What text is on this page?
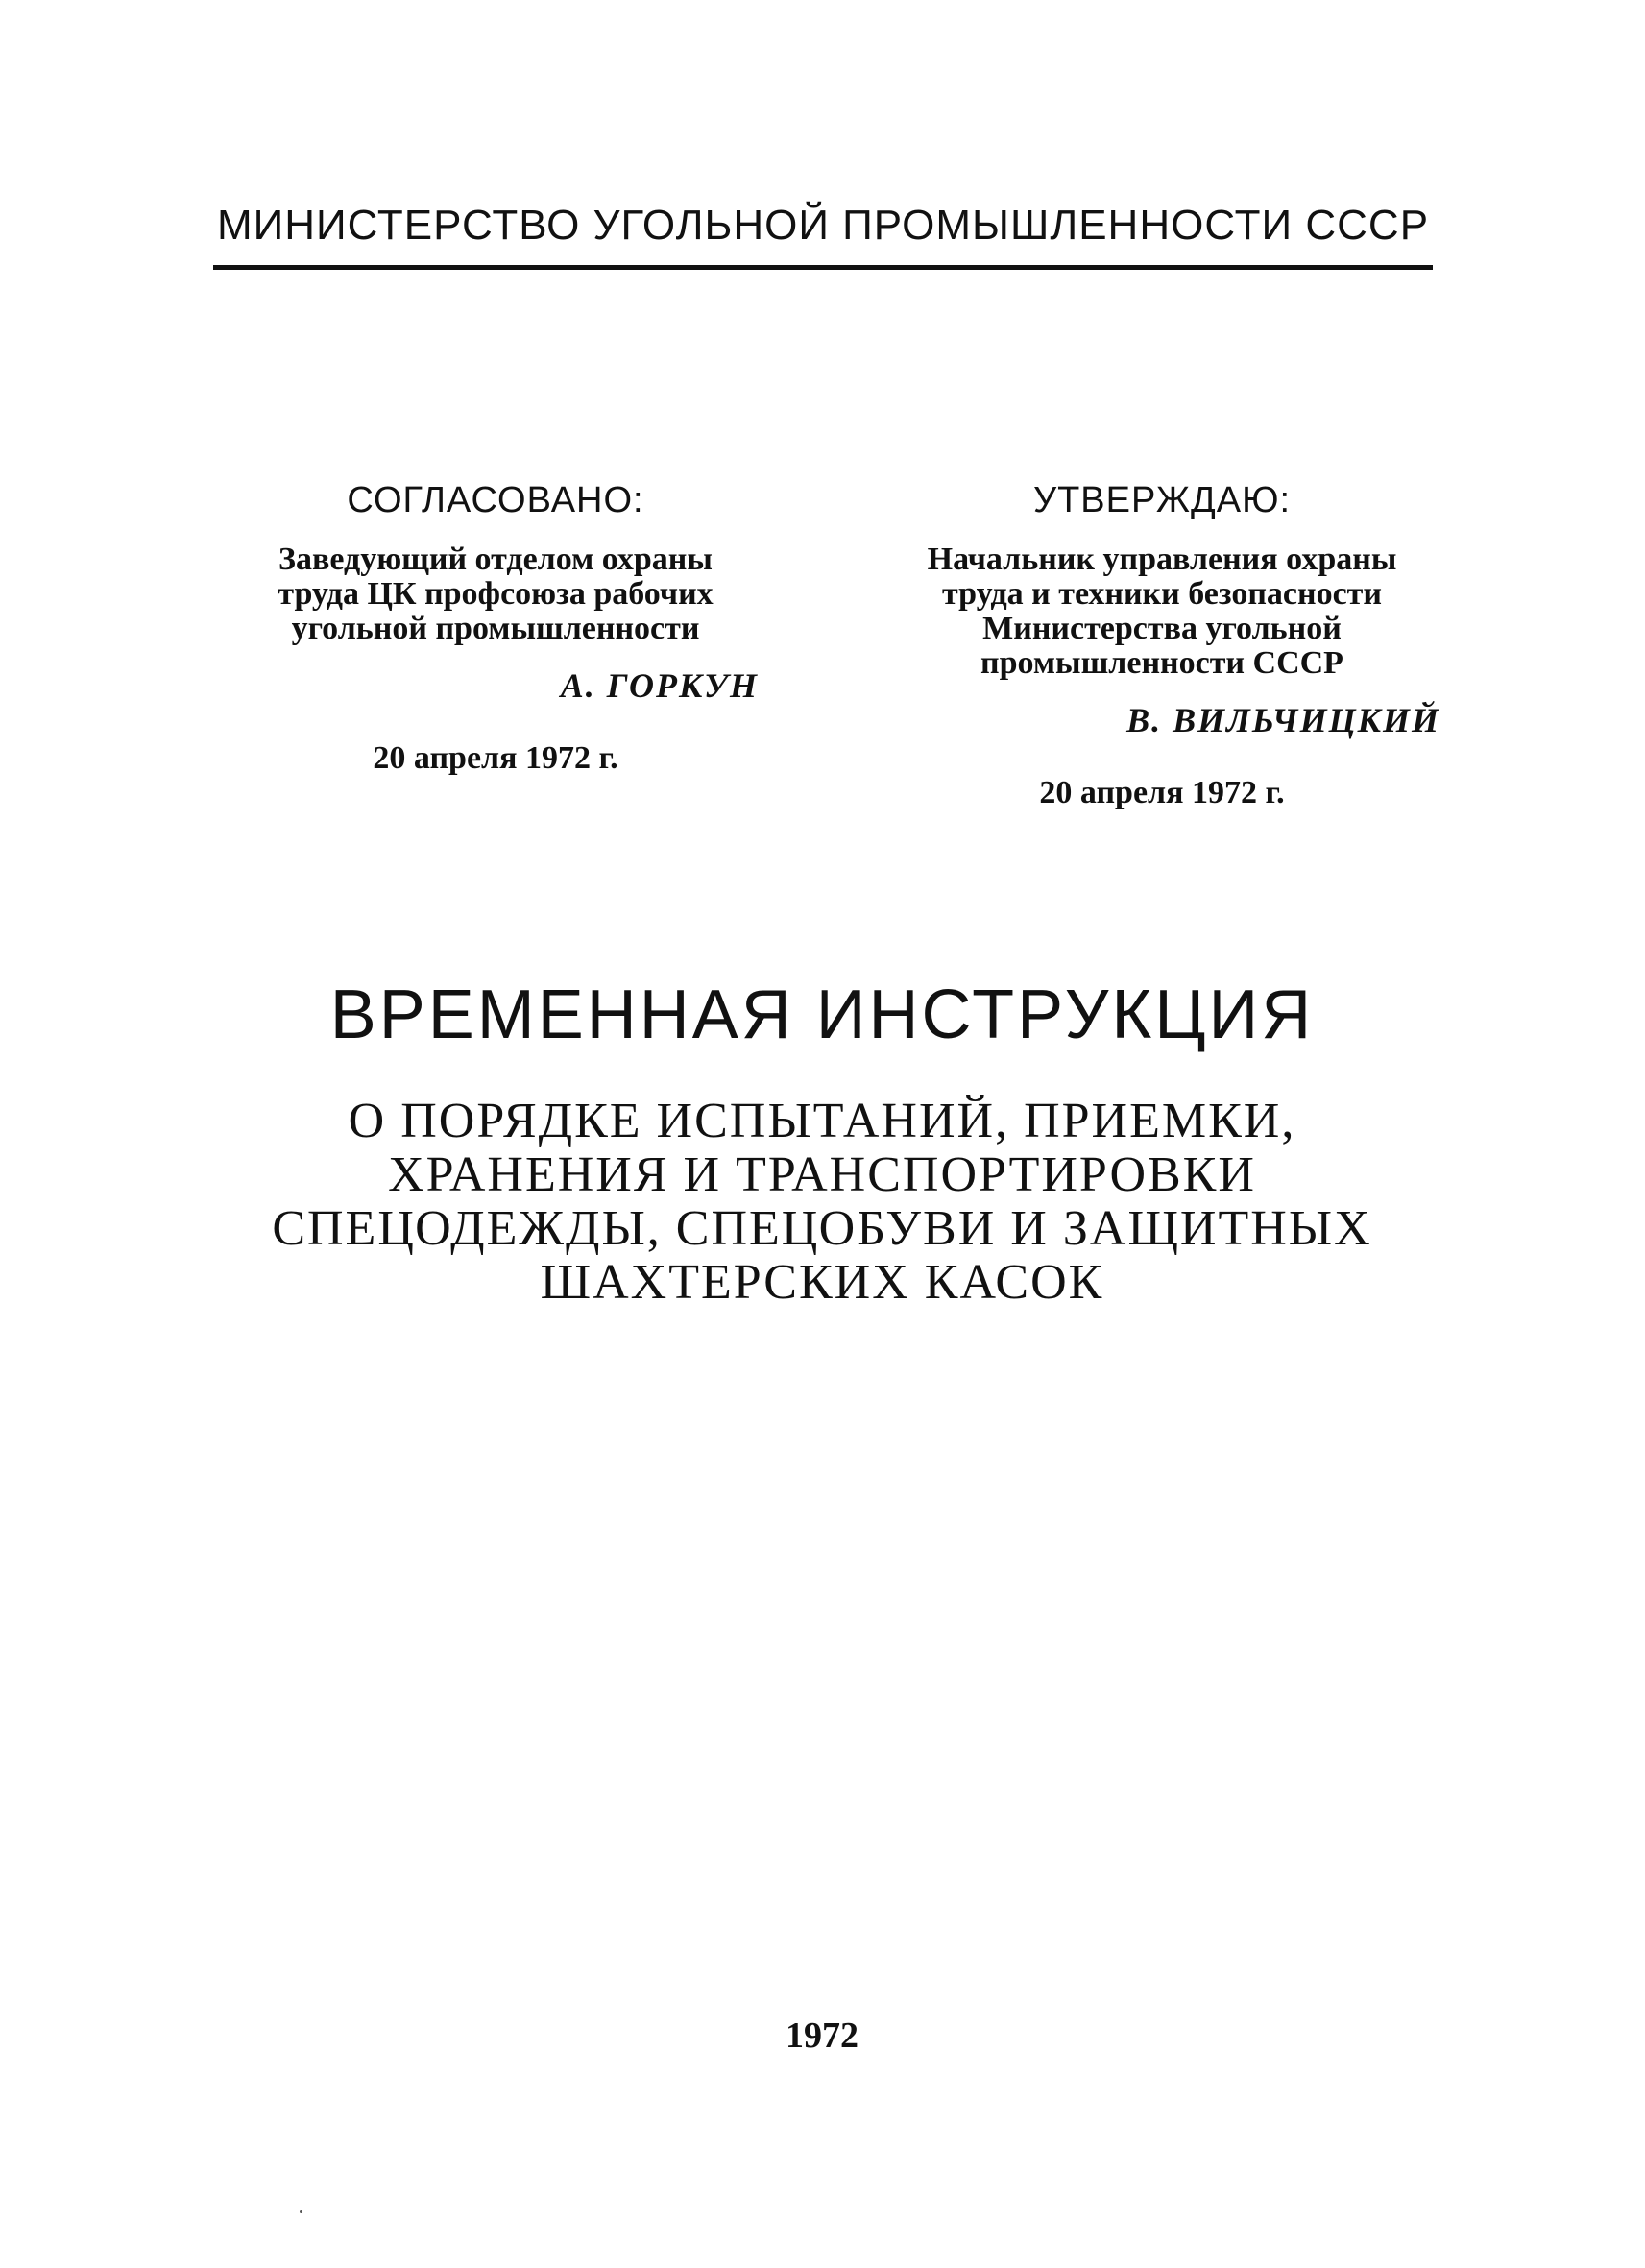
МИНИСТЕРСТВО УГОЛЬНОЙ ПРОМЫШЛЕННОСТИ СССР
СОГЛАСОВАНО:
Заведующий отделом охраны
труда ЦК профсоюза рабочих
угольной промышленности
А. ГОРКУН
20 апреля 1972 г.
УТВЕРЖДАЮ:
Начальник управления охраны
труда и техники безопасности
Министерства угольной
промышленности СССР
В. ВИЛЬЧИЦКИЙ
20 апреля 1972 г.
ВРЕМЕННАЯ ИНСТРУКЦИЯ
О ПОРЯДКЕ ИСПЫТАНИЙ, ПРИЕМКИ,
ХРАНЕНИЯ И ТРАНСПОРТИРОВКИ
СПЕЦОДЕЖДЫ, СПЕЦОБУВИ И ЗАЩИТНЫХ
ШАХТЕРСКИХ КАСОК
1972
